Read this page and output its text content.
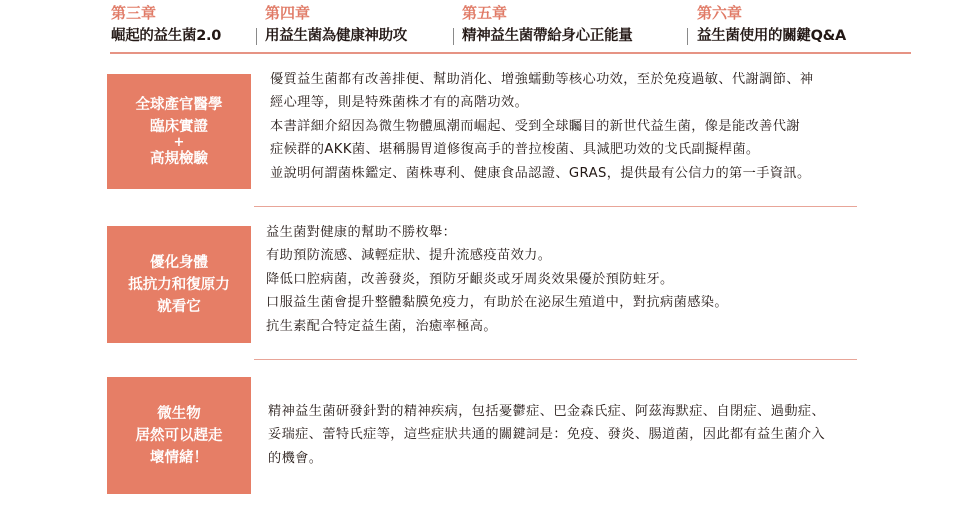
第三章
崛起的益生菌2.0
第四章
用益生菌為健康神助攻
第五章
精神益生菌帶給身心正能量
第六章
益生菌使用的關鍵Q&A
全球產官醫學
臨床實證
+
高規檢驗
優質益生菌都有改善排便、幫助消化、增強蠕動等核心功效，至於免疫過敏、代謝調節、神
經心理等，則是特殊菌株才有的高階功效。
本書詳細介紹因為微生物體風潮而崛起、受到全球矚目的新世代益生菌，像是能改善代謝
症候群的AKK菌、堪稱腸胃道修復高手的普拉梭菌、具減肥功效的戈氏副擬桿菌。
並說明何謂菌株鑑定、菌株專利、健康食品認證、GRAS，提供最有公信力的第一手資訊。
優化身體
抵抗力和復原力
就看它
益生菌對健康的幫助不勝枚舉：
有助預防流感、減輕症狀、提升流感疫苗效力。
降低口腔病菌，改善發炎，預防牙齦炎或牙周炎效果優於預防蛀牙。
口服益生菌會提升整體黏膜免疫力，有助於在泌尿生殖道中，對抗病菌感染。
抗生素配合特定益生菌，治癒率極高。
微生物
居然可以趕走
壞情緒！
精神益生菌研發針對的精神疾病，包括憂鬱症、巴金森氏症、阿茲海默症、自閉症、過動症、
妥瑞症、蕾特氏症等，這些症狀共通的關鍵詞是：免疫、發炎、腸道菌，因此都有益生菌介入
的機會。
